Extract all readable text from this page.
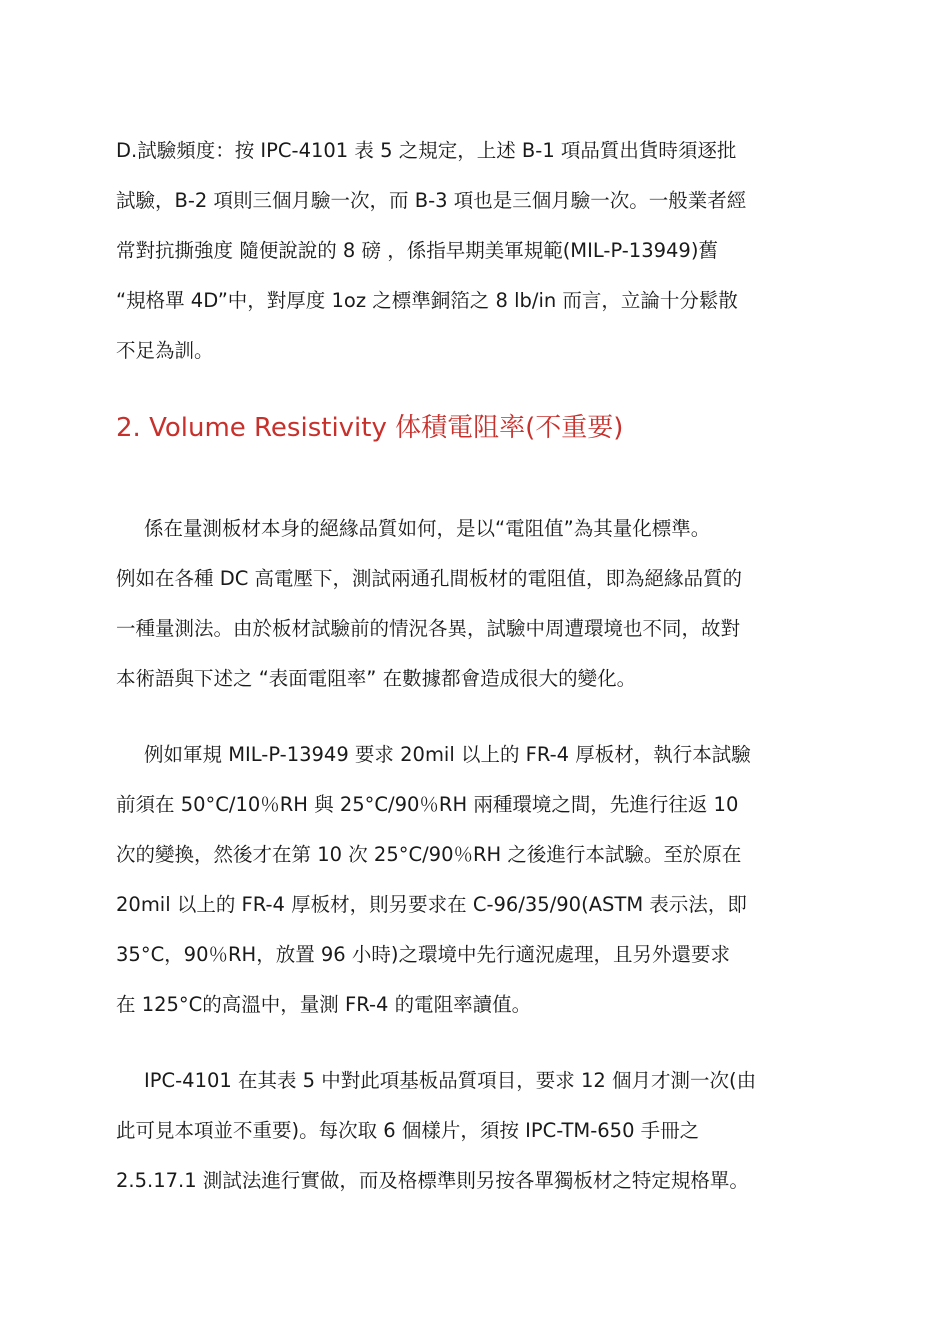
D.試驗頻度：按 IPC-4101 表 5 之規定，上述 B-1 項品質出貨時須逐批
試驗，B-2 項則三個月驗一次，而 B-3 項也是三個月驗一次。一般業者經
常對抗撕強度 隨便說說的 8 磅 ，係指早期美軍規範(MIL-P-13949)舊
“規格單 4D”中，對厚度 1oz 之標準銅箔之 8 lb/in 而言，立論十分鬆散
不足為訓。
2. Volume Resistivity 体積電阻率(不重要)
係在量測板材本身的絕緣品質如何，是以“電阻值”為其量化標準。
例如在各種 DC 高電壓下，測試兩通孔間板材的電阻值，即為絕緣品質的
一種量測法。由於板材試驗前的情況各異，試驗中周遭環境也不同，故對
本術語與下述之 “表面電阻率” 在數據都會造成很大的變化。
例如軍規 MIL-P-13949 要求 20mil 以上的 FR-4 厚板材，執行本試驗
前須在 50°C/10％RH 與 25°C/90％RH 兩種環境之間，先進行往返 10
次的變換，然後才在第 10 次 25°C/90％RH 之後進行本試驗。至於原在
20mil 以上的 FR-4 厚板材，則另要求在 C-96/35/90(ASTM 表示法，即
35°C，90％RH，放置 96 小時)之環境中先行適況處理，且另外還要求
在 125°C的高溫中，量測 FR-4 的電阻率讀值。
IPC-4101 在其表 5 中對此項基板品質項目，要求 12 個月才測一次(由
此可見本項並不重要)。每次取 6 個樣片，須按 IPC-TM-650 手冊之
2.5.17.1 測試法進行實做，而及格標準則另按各單獨板材之特定規格單。
